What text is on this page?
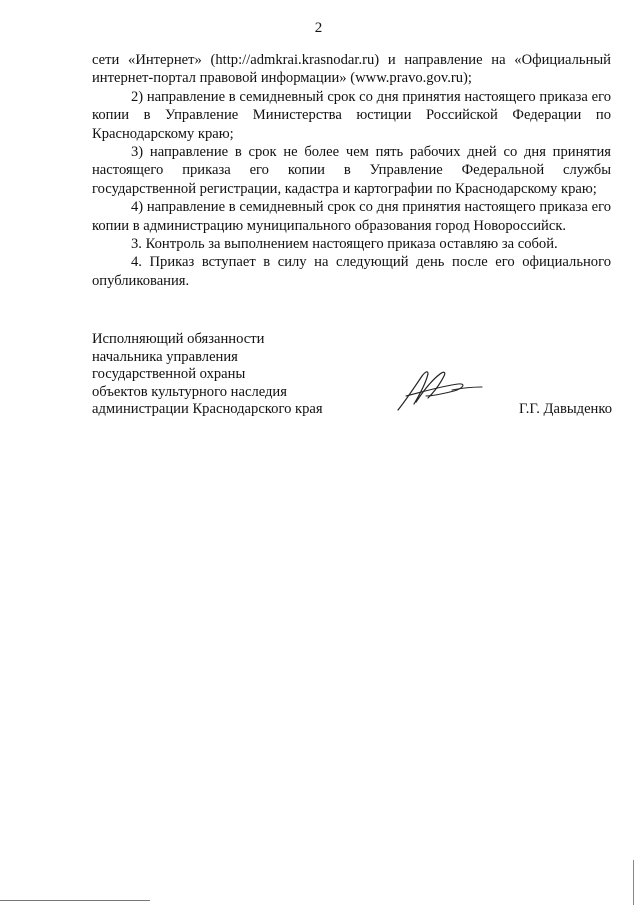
2

сети «Интернет» (http://admkrai.krasnodar.ru) и направление на «Официальный интернет-портал правовой информации» (www.pravo.gov.ru);

2) направление в семидневный срок со дня принятия настоящего приказа его копии в Управление Министерства юстиции Российской Федерации по Краснодарскому краю;

3) направление в срок не более чем пять рабочих дней со дня принятия настоящего приказа его копии в Управление Федеральной службы государственной регистрации, кадастра и картографии по Краснодарскому краю;

4) направление в семидневный срок со дня принятия настоящего приказа его копии в администрацию муниципального образования город Новороссийск.

3. Контроль за выполнением настоящего приказа оставляю за собой.

4. Приказ вступает в силу на следующий день после его официального опубликования.

Исполняющий обязанности
начальника управления
государственной охраны
объектов культурного наследия
администрации Краснодарского края	Г.Г. Давыденко
